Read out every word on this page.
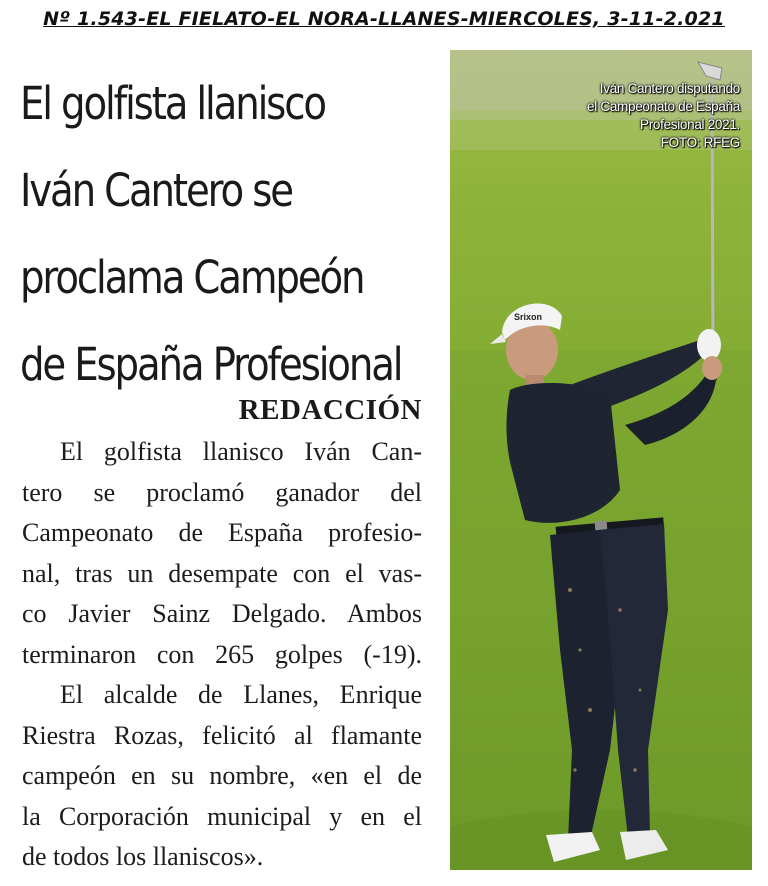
Nº 1.543-EL FIELATO-EL NORA-LLANES-MIERCOLES, 3-11-2.021
El golfista llanisco
Iván Cantero se
proclama Campeón
de España Profesional
REDACCIÓN

El golfista llanisco Iván Can-
tero se proclamó ganador del
Campeonato de España profesio-
nal, tras un desempate con el vas-
co Javier Sainz Delgado. Ambos
terminaron con 265 golpes (-19).

El alcalde de Llanes, Enrique
Riestra Rozas, felicitó al flamante
campeón en su nombre, «en el de
la Corporación municipal y en el
de todos los llaniscos».

Srixon
Iván Cantero disputando
el Campeonato de España
Profesional 2021.
FOTO: RFEG
